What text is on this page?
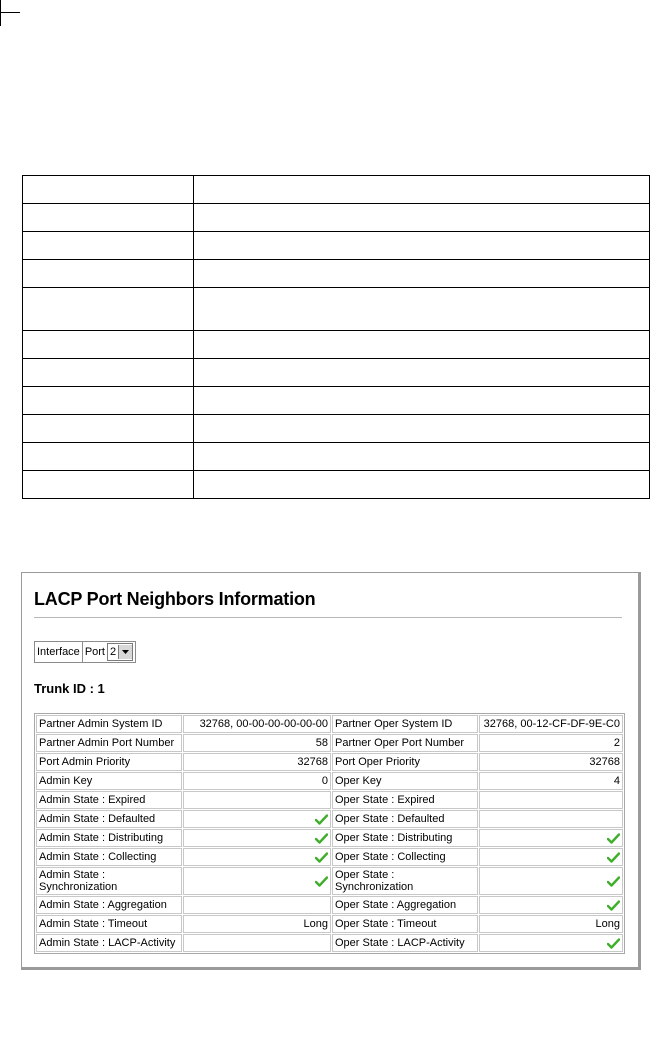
LACP Port Neighbors Information
Interface Port 2
Trunk ID : 1
Partner Admin System ID	32768, 00-00-00-00-00-00	Partner Oper System ID	32768, 00-12-CF-DF-9E-C0
Partner Admin Port Number	58	Partner Oper Port Number	2
Port Admin Priority	32768	Port Oper Priority	32768
Admin Key	0	Oper Key	4
Admin State : Expired		Oper State : Expired	
Admin State : Defaulted		Oper State : Defaulted	
Admin State : Distributing		Oper State : Distributing	
Admin State : Collecting		Oper State : Collecting	
Admin State : Synchronization		Oper State : Synchronization	
Admin State : Aggregation		Oper State : Aggregation	
Admin State : Timeout	Long	Oper State : Timeout	Long
Admin State : LACP-Activity		Oper State : LACP-Activity	
